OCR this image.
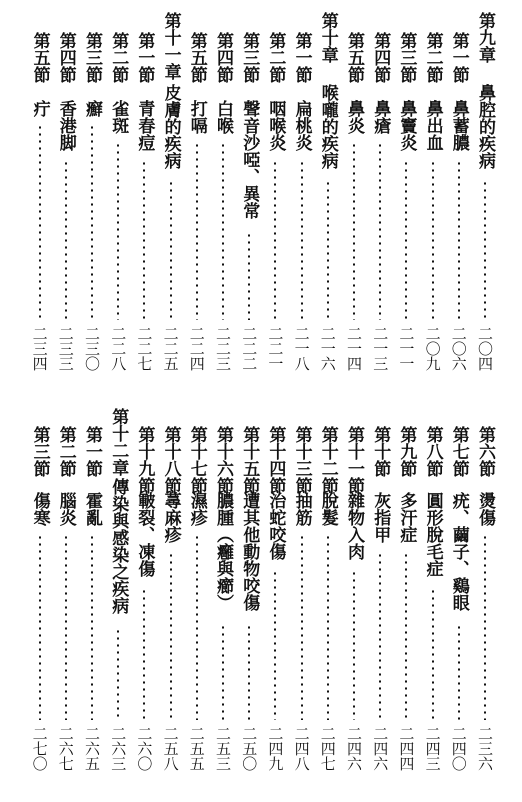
第九章
鼻腔的疾病
二〇四
第一節
鼻蓄膿
二〇六
第二節
鼻出血
二〇九
第三節
鼻竇炎
二一一
第四節
鼻瘡
二一三
第五節
鼻炎
二一四
第十章
喉嚨的疾病
二一六
第一節
扁桃炎
二一八
第二節
咽喉炎
二二一
第三節
聲音沙啞、異常
二二二
第四節
白喉
二二三
第五節
打嗝
二二四
第十一章
皮膚的疾病
二二五
第一節
青春痘
二二七
第二節
雀斑
二二八
第三節
癬
二三〇
第四節
香港脚
二三三
第五節
疔
二三四
第六節
燙傷
二三六
第七節
疣、繭子、鷄眼
二四〇
第八節
圓形脫毛症
二四三
第九節
多汗症
二四四
第十節
灰指甲
二四六
第十一節
雜物入肉
二四六
第十二節
脫髮
二四七
第十三節
抽筋
二四八
第十四節
治蛇咬傷
二四九
第十五節
遭其他動物咬傷
二五〇
第十六節
膿腫（癰與癤）
二五三
第十七節
濕疹
二五五
第十八節
蕁麻疹
二五八
第十九節
皸裂、凍傷
二六〇
第十二章
傳染與感染之疾病
二六三
第一節
霍亂
二六五
第二節
腦炎
二六七
第三節
傷寒
二七〇
